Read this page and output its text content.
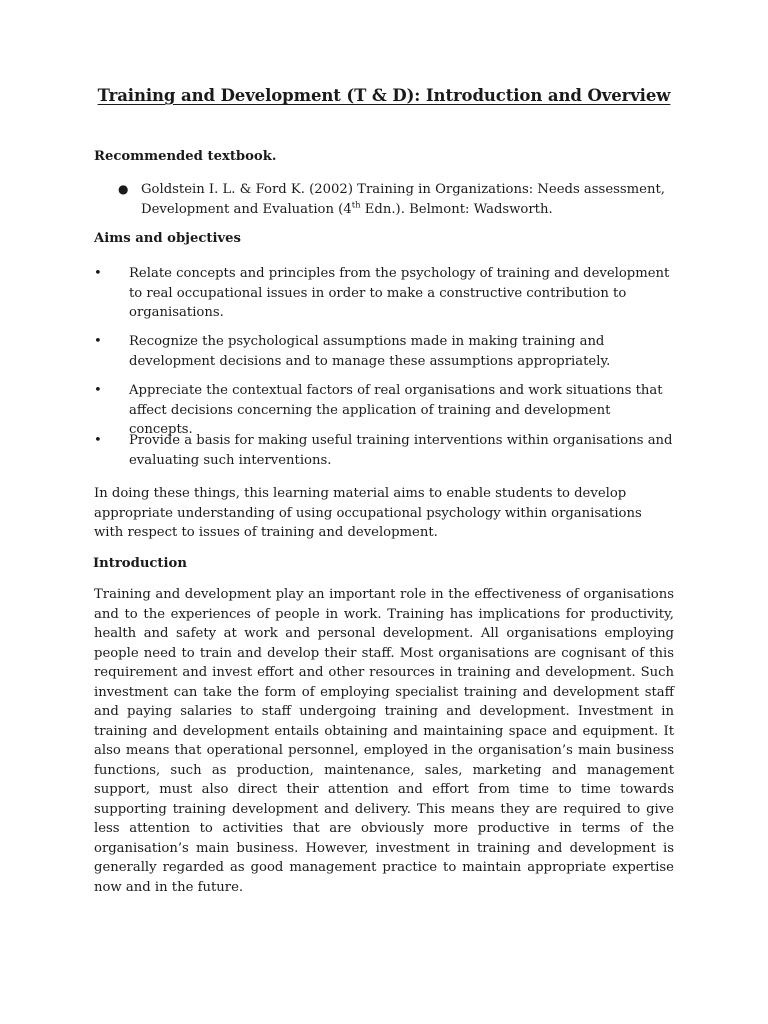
Training and Development (T & D): Introduction and Overview
Recommended textbook.
● Goldstein I. L. & Ford K. (2002) Training in Organizations: Needs assessment, Development and Evaluation (4th Edn.). Belmont: Wadsworth.
Aims and objectives
• Relate concepts and principles from the psychology of training and development to real occupational issues in order to make a constructive contribution to organisations.
• Recognize the psychological assumptions made in making training and development decisions and to manage these assumptions appropriately.
• Appreciate the contextual factors of real organisations and work situations that affect decisions concerning the application of training and development concepts.
• Provide a basis for making useful training interventions within organisations and evaluating such interventions.

In doing these things, this learning material aims to enable students to develop appropriate understanding of using occupational psychology within organisations with respect to issues of training and development.

Introduction

Training and development play an important role in the effectiveness of organisations and to the experiences of people in work. Training has implications for productivity, health and safety at work and personal development. All organisations employing people need to train and develop their staff. Most organisations are cognisant of this requirement and invest effort and other resources in training and development. Such investment can take the form of employing specialist training and development staff and paying salaries to staff undergoing training and development. Investment in training and development entails obtaining and maintaining space and equipment. It also means that operational personnel, employed in the organisation’s main business functions, such as production, maintenance, sales, marketing and management support, must also direct their attention and effort from time to time towards supporting training development and delivery. This means they are required to give less attention to activities that are obviously more productive in terms of the organisation’s main business. However, investment in training and development is generally regarded as good management practice to maintain appropriate expertise now and in the future.
